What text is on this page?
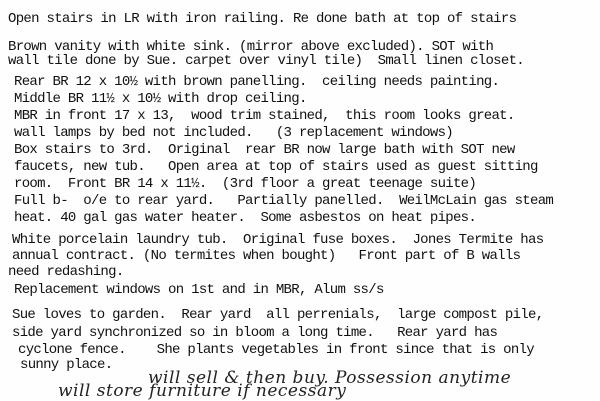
Open stairs in LR with iron railing. Re done bath at top of stairs
Brown vanity with white sink. (mirror above excluded). SOT with
wall tile done by Sue. carpet over vinyl tile)  Small linen closet.
Rear BR 12 x 10½ with brown panelling.  ceiling needs painting.
Middle BR 11½ x 10½ with drop ceiling.
MBR in front 17 x 13,  wood trim stained,  this room looks great.
wall lamps by bed not included.   (3 replacement windows)
Box stairs to 3rd.  Original  rear BR now large bath with SOT new
faucets, new tub.   Open area at top of stairs used as guest sitting
room.  Front BR 14 x 11½.  (3rd floor a great teenage suite)
Full b-  o/e to rear yard.   Partially panelled.  WeilMcLain gas steam
heat. 40 gal gas water heater.  Some asbestos on heat pipes.
White porcelain laundry tub.  Original fuse boxes.  Jones Termite has
annual contract. (No termites when bought)   Front part of B walls
need redashing.
Replacement windows on 1st and in MBR, Alum ss/s
Sue loves to garden.  Rear yard  all perrenials,  large compost pile,
side yard synchronized so in bloom a long time.   Rear yard has
cyclone fence.    She plants vegetables in front since that is only
sunny place.
will sell & then buy. Possession anytime
will store furniture if necessary
